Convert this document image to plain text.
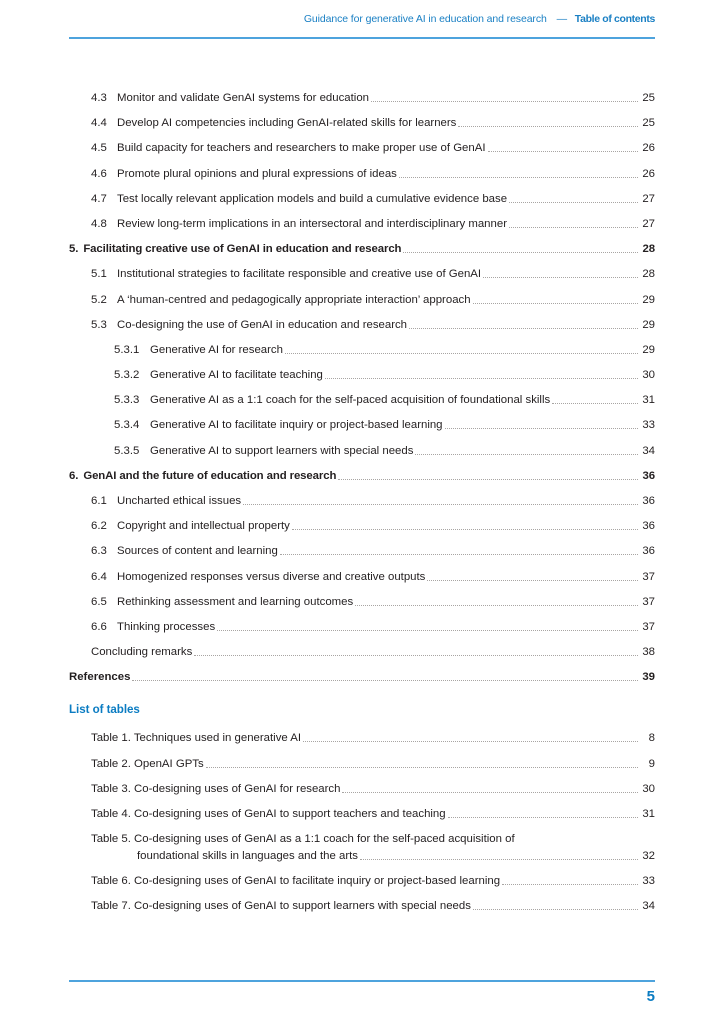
Guidance for generative AI in education and research — Table of contents
4.3 Monitor and validate GenAI systems for education	25
4.4 Develop AI competencies including GenAI-related skills for learners	25
4.5 Build capacity for teachers and researchers to make proper use of GenAI	26
4.6 Promote plural opinions and plural expressions of ideas	26
4.7 Test locally relevant application models and build a cumulative evidence base	27
4.8 Review long-term implications in an intersectoral and interdisciplinary manner	27
5. Facilitating creative use of GenAI in education and research	28
5.1 Institutional strategies to facilitate responsible and creative use of GenAI	28
5.2 A ‘human-centred and pedagogically appropriate interaction’ approach	29
5.3 Co-designing the use of GenAI in education and research	29
5.3.1 Generative AI for research	29
5.3.2 Generative AI to facilitate teaching	30
5.3.3 Generative AI as a 1:1 coach for the self-paced acquisition of foundational skills	31
5.3.4 Generative AI to facilitate inquiry or project-based learning	33
5.3.5 Generative AI to support learners with special needs	34
6. GenAI and the future of education and research	36
6.1 Uncharted ethical issues	36
6.2 Copyright and intellectual property	36
6.3 Sources of content and learning	36
6.4 Homogenized responses versus diverse and creative outputs	37
6.5 Rethinking assessment and learning outcomes	37
6.6 Thinking processes	37
Concluding remarks	38
References	39
List of tables
Table 1. Techniques used in generative AI	8
Table 2. OpenAI GPTs	9
Table 3. Co-designing uses of GenAI for research	30
Table 4. Co-designing uses of GenAI to support teachers and teaching	31
Table 5. Co-designing uses of GenAI as a 1:1 coach for the self-paced acquisition of
foundational skills in languages and the arts	32
Table 6. Co-designing uses of GenAI to facilitate inquiry or project-based learning	33
Table 7. Co-designing uses of GenAI to support learners with special needs	34
5
